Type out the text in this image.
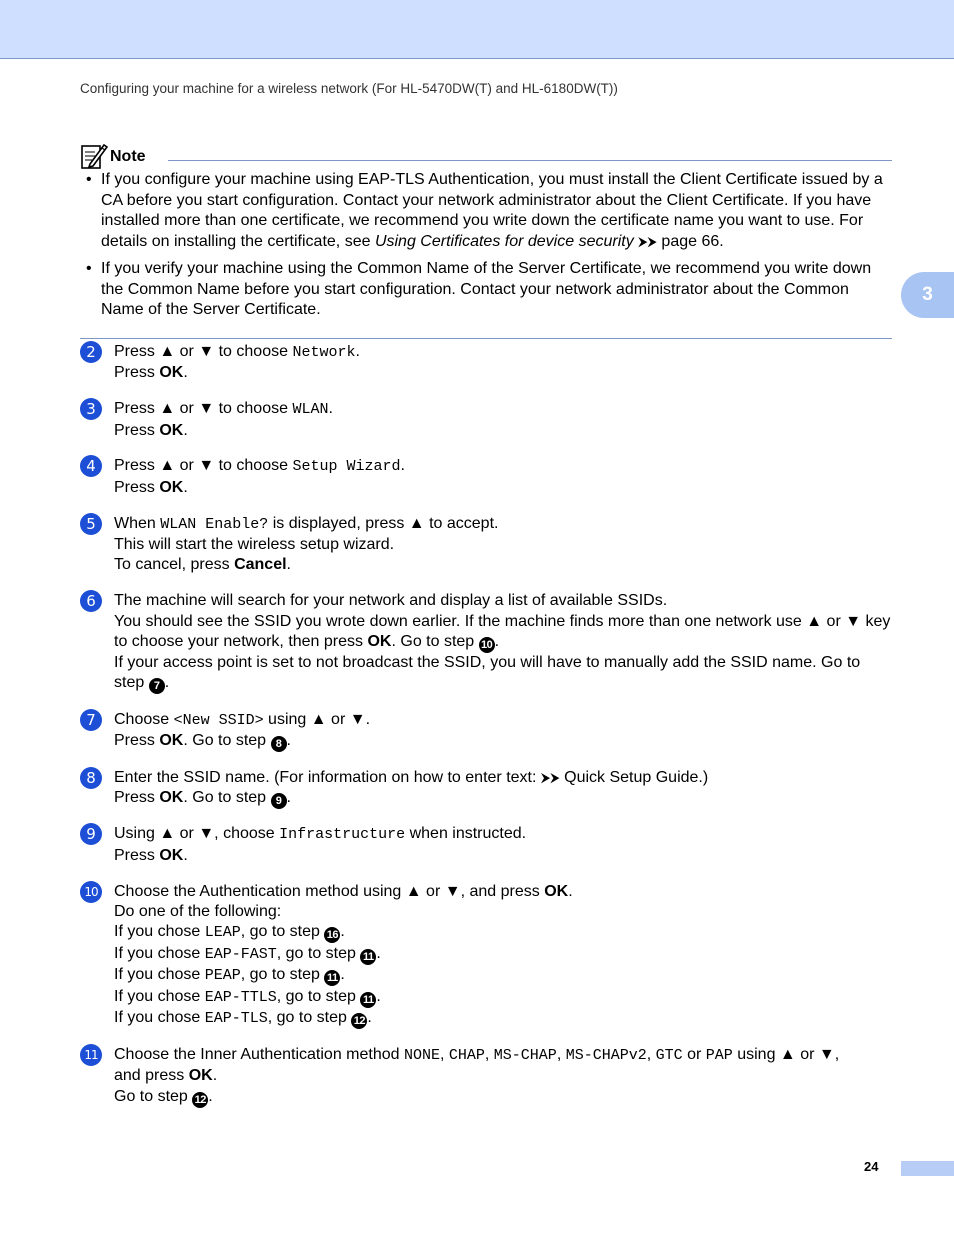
Configuring your machine for a wireless network (For HL-5470DW(T) and HL-6180DW(T))
3
Note
• If you configure your machine using EAP-TLS Authentication, you must install the Client Certificate issued by a CA before you start configuration. Contact your network administrator about the Client Certificate. If you have installed more than one certificate, we recommend you write down the certificate name you want to use. For details on installing the certificate, see Using Certificates for device security ⮞⮞ page 66.
• If you verify your machine using the Common Name of the Server Certificate, we recommend you write down the Common Name before you start configuration. Contact your network administrator about the Common Name of the Server Certificate.
2	Press ▲ or ▼ to choose Network.
Press OK.
3	Press ▲ or ▼ to choose WLAN.
Press OK.
4	Press ▲ or ▼ to choose Setup Wizard.
Press OK.
5	When WLAN Enable? is displayed, press ▲ to accept.
This will start the wireless setup wizard.
To cancel, press Cancel.
6	The machine will search for your network and display a list of available SSIDs.
You should see the SSID you wrote down earlier. If the machine finds more than one network use ▲ or ▼ key to choose your network, then press OK. Go to step 10 .
If your access point is set to not broadcast the SSID, you will have to manually add the SSID name. Go to step 7 .
7	Choose <New SSID> using ▲ or ▼.
Press OK. Go to step 8 .
8	Enter the SSID name. (For information on how to enter text: ⮞⮞ Quick Setup Guide.)
Press OK. Go to step 9 .
9	Using ▲ or ▼, choose Infrastructure when instructed.
Press OK.
10 Choose the Authentication method using ▲ or ▼, and press OK.
Do one of the following:
If you chose LEAP, go to step 16 .
If you chose EAP-FAST, go to step 11 .
If you chose PEAP, go to step 11 .
If you chose EAP-TTLS, go to step 11 .
If you chose EAP-TLS, go to step 12 .
11 Choose the Inner Authentication method NONE, CHAP, MS-CHAP, MS-CHAPv2, GTC or PAP using ▲ or ▼,
and press OK.
Go to step 12 .
24
